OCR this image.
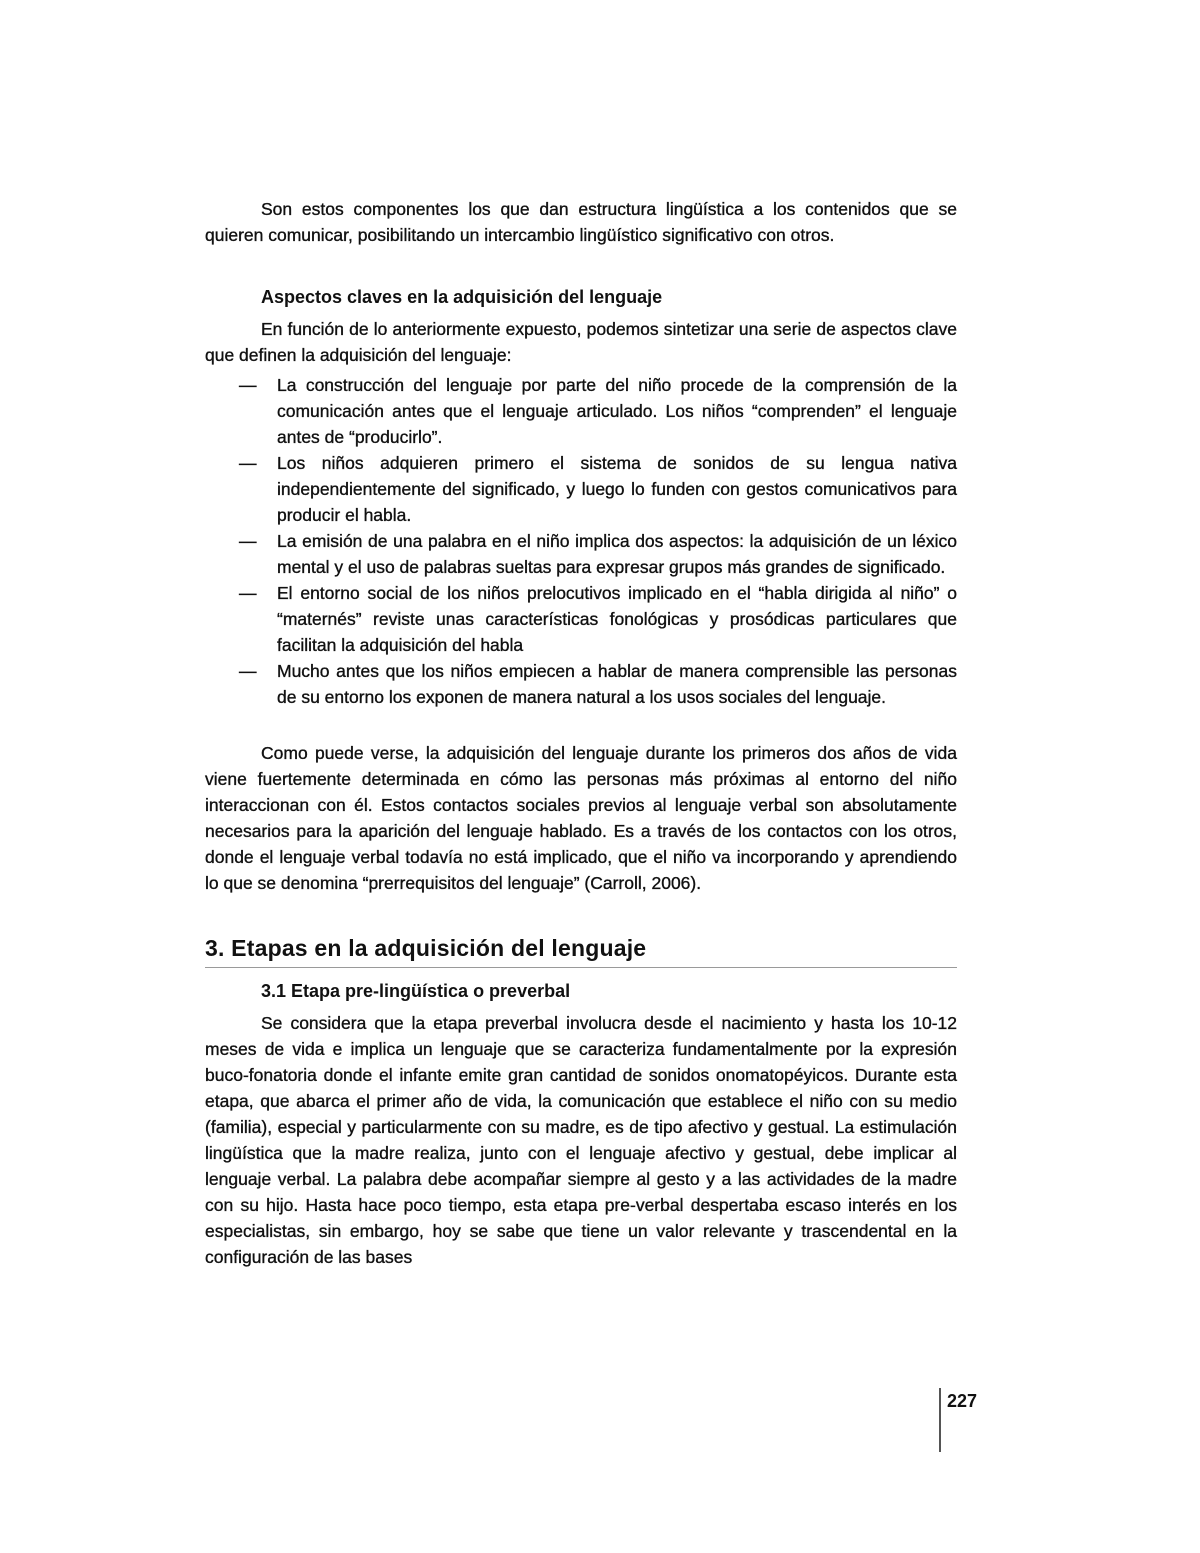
Son estos componentes los que dan estructura lingüística a los contenidos que se quieren comunicar, posibilitando un intercambio lingüístico significativo con otros.

Aspectos claves en la adquisición del lenguaje

En función de lo anteriormente expuesto, podemos sintetizar una serie de aspectos clave que definen la adquisición del lenguaje:

— La construcción del lenguaje por parte del niño procede de la comprensión de la comunicación antes que el lenguaje articulado. Los niños “comprenden” el lenguaje antes de “producirlo”.
— Los niños adquieren primero el sistema de sonidos de su lengua nativa independientemente del significado, y luego lo funden con gestos comunicativos para producir el habla.
— La emisión de una palabra en el niño implica dos aspectos: la adquisición de un léxico mental y el uso de palabras sueltas para expresar grupos más grandes de significado.
— El entorno social de los niños prelocutivos implicado en el “habla dirigida al niño” o “maternés” reviste unas características fonológicas y prosódicas particulares que facilitan la adquisición del habla
— Mucho antes que los niños empiecen a hablar de manera comprensible las personas de su entorno los exponen de manera natural a los usos sociales del lenguaje.

Como puede verse, la adquisición del lenguaje durante los primeros dos años de vida viene fuertemente determinada en cómo las personas más próximas al entorno del niño interaccionan con él. Estos contactos sociales previos al lenguaje verbal son absolutamente necesarios para la aparición del lenguaje hablado. Es a través de los contactos con los otros, donde el lenguaje verbal todavía no está implicado, que el niño va incorporando y aprendiendo lo que se denomina “prerrequisitos del lenguaje” (Carroll, 2006).

3. Etapas en la adquisición del lenguaje
3.1 Etapa pre-lingüística o preverbal

Se considera que la etapa preverbal involucra desde el nacimiento y hasta los 10-12 meses de vida e implica un lenguaje que se caracteriza fundamentalmente por la expresión buco-fonatoria donde el infante emite gran cantidad de sonidos onomatopéyicos. Durante esta etapa, que abarca el primer año de vida, la comunicación que establece el niño con su medio (familia), especial y particularmente con su madre, es de tipo afectivo y gestual. La estimulación lingüística que la madre realiza, junto con el lenguaje afectivo y gestual, debe implicar al lenguaje verbal. La palabra debe acompañar siempre al gesto y a las actividades de la madre con su hijo. Hasta hace poco tiempo, esta etapa pre-verbal despertaba escaso interés en los especialistas, sin embargo, hoy se sabe que tiene un valor relevante y trascendental en la configuración de las bases

227
